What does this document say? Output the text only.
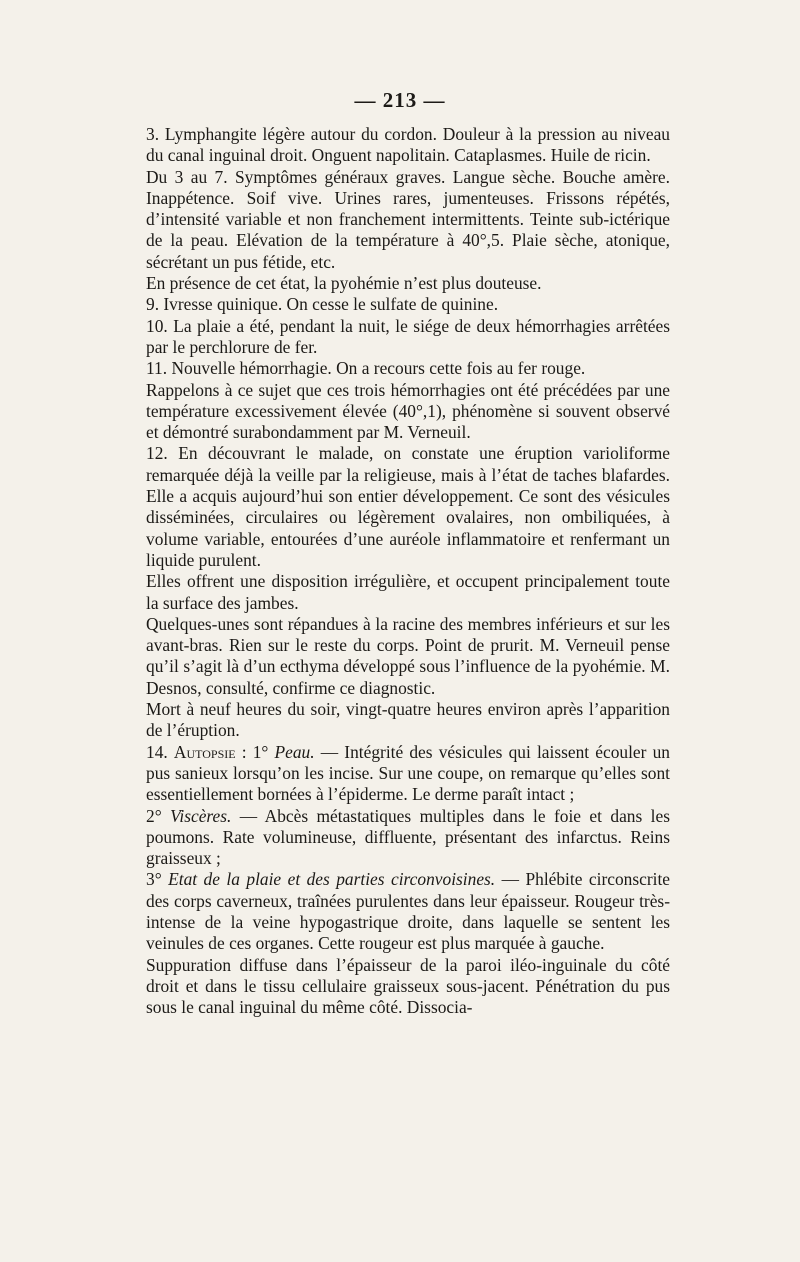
— 213 —

3. Lymphangite légère autour du cordon. Douleur à la pression au niveau du canal inguinal droit. Onguent napolitain. Cataplasmes. Huile de ricin.

Du 3 au 7. Symptômes généraux graves. Langue sèche. Bouche amère. Inappétence. Soif vive. Urines rares, jumenteuses. Frissons répétés, d’intensité variable et non franchement intermittents. Teinte sub-ictérique de la peau. Elévation de la température à 40°,5. Plaie sèche, atonique, sécrétant un pus fétide, etc.

En présence de cet état, la pyohémie n’est plus douteuse.

9. Ivresse quinique. On cesse le sulfate de quinine.

10. La plaie a été, pendant la nuit, le siége de deux hémorrhagies arrêtées par le perchlorure de fer.

11. Nouvelle hémorrhagie. On a recours cette fois au fer rouge.

Rappelons à ce sujet que ces trois hémorrhagies ont été précédées par une température excessivement élevée (40°,1), phénomène si souvent observé et démontré surabondamment par M. Verneuil.

12. En découvrant le malade, on constate une éruption varioliforme remarquée déjà la veille par la religieuse, mais à l’état de taches blafardes. Elle a acquis aujourd’hui son entier développement. Ce sont des vésicules disséminées, circulaires ou légèrement ovalaires, non ombiliquées, à volume variable, entourées d’une auréole inflammatoire et renfermant un liquide purulent.

Elles offrent une disposition irrégulière, et occupent principalement toute la surface des jambes.

Quelques-unes sont répandues à la racine des membres inférieurs et sur les avant-bras. Rien sur le reste du corps. Point de prurit. M. Verneuil pense qu’il s’agit là d’un ecthyma développé sous l’influence de la pyohémie. M. Desnos, consulté, confirme ce diagnostic.

Mort à neuf heures du soir, vingt-quatre heures environ après l’apparition de l’éruption.

14. Autopsie : 1° Peau. — Intégrité des vésicules qui laissent écouler un pus sanieux lorsqu’on les incise. Sur une coupe, on remarque qu’elles sont essentiellement bornées à l’épiderme. Le derme paraît intact ;

2° Viscères. — Abcès métastatiques multiples dans le foie et dans les poumons. Rate volumineuse, diffluente, présentant des infarctus. Reins graisseux ;

3° Etat de la plaie et des parties circonvoisines. — Phlébite circonscrite des corps caverneux, traînées purulentes dans leur épaisseur. Rougeur très-intense de la veine hypogastrique droite, dans laquelle se sentent les veinules de ces organes. Cette rougeur est plus marquée à gauche.

Suppuration diffuse dans l’épaisseur de la paroi iléo-inguinale du côté droit et dans le tissu cellulaire graisseux sous-jacent. Pénétration du pus sous le canal inguinal du même côté. Dissocia-
